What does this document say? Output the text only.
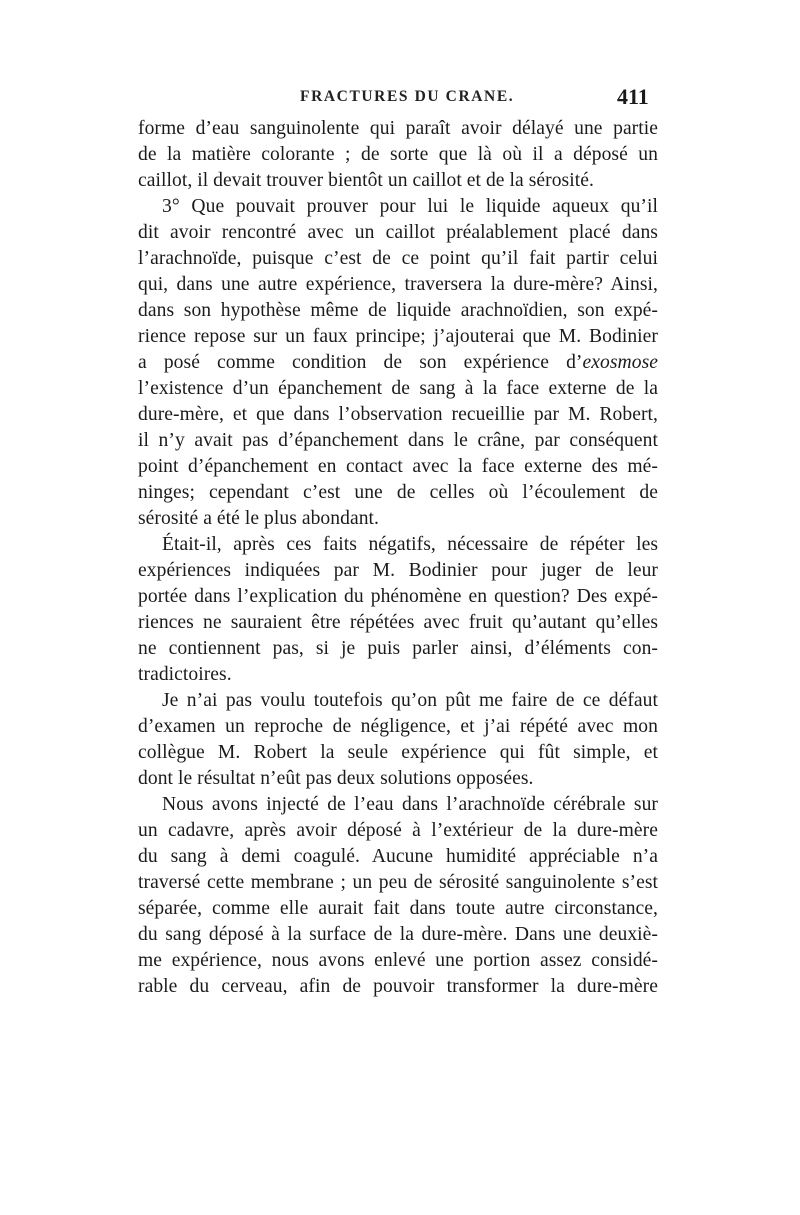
FRACTURES DU CRANE.	411
forme d’eau sanguinolente qui paraît avoir délayé une partie
de la matière colorante ; de sorte que là où il a déposé un
caillot, il devait trouver bientôt un caillot et de la sérosité.
3° Que pouvait prouver pour lui le liquide aqueux qu’il
dit avoir rencontré avec un caillot préalablement placé dans
l’arachnoïde, puisque c’est de ce point qu’il fait partir celui
qui, dans une autre expérience, traversera la dure-mère? Ainsi,
dans son hypothèse même de liquide arachnoïdien, son expé-
rience repose sur un faux principe; j’ajouterai que M. Bodinier
a posé comme condition de son expérience d’exosmose
l’existence d’un épanchement de sang à la face externe de la
dure-mère, et que dans l’observation recueillie par M. Robert,
il n’y avait pas d’épanchement dans le crâne, par conséquent
point d’épanchement en contact avec la face externe des mé-
ninges; cependant c’est une de celles où l’écoulement de
sérosité a été le plus abondant.
Était-il, après ces faits négatifs, nécessaire de répéter les
expériences indiquées par M. Bodinier pour juger de leur
portée dans l’explication du phénomène en question? Des expé-
riences ne sauraient être répétées avec fruit qu’autant qu’elles
ne contiennent pas, si je puis parler ainsi, d’éléments con-
tradictoires.
Je n’ai pas voulu toutefois qu’on pût me faire de ce défaut
d’examen un reproche de négligence, et j’ai répété avec mon
collègue M. Robert la seule expérience qui fût simple, et
dont le résultat n’eût pas deux solutions opposées.
Nous avons injecté de l’eau dans l’arachnoïde cérébrale sur
un cadavre, après avoir déposé à l’extérieur de la dure-mère
du sang à demi coagulé. Aucune humidité appréciable n’a
traversé cette membrane ; un peu de sérosité sanguinolente s’est
séparée, comme elle aurait fait dans toute autre circonstance,
du sang déposé à la surface de la dure-mère. Dans une deuxiè-
me expérience, nous avons enlevé une portion assez considé-
rable du cerveau, afin de pouvoir transformer la dure-mère
